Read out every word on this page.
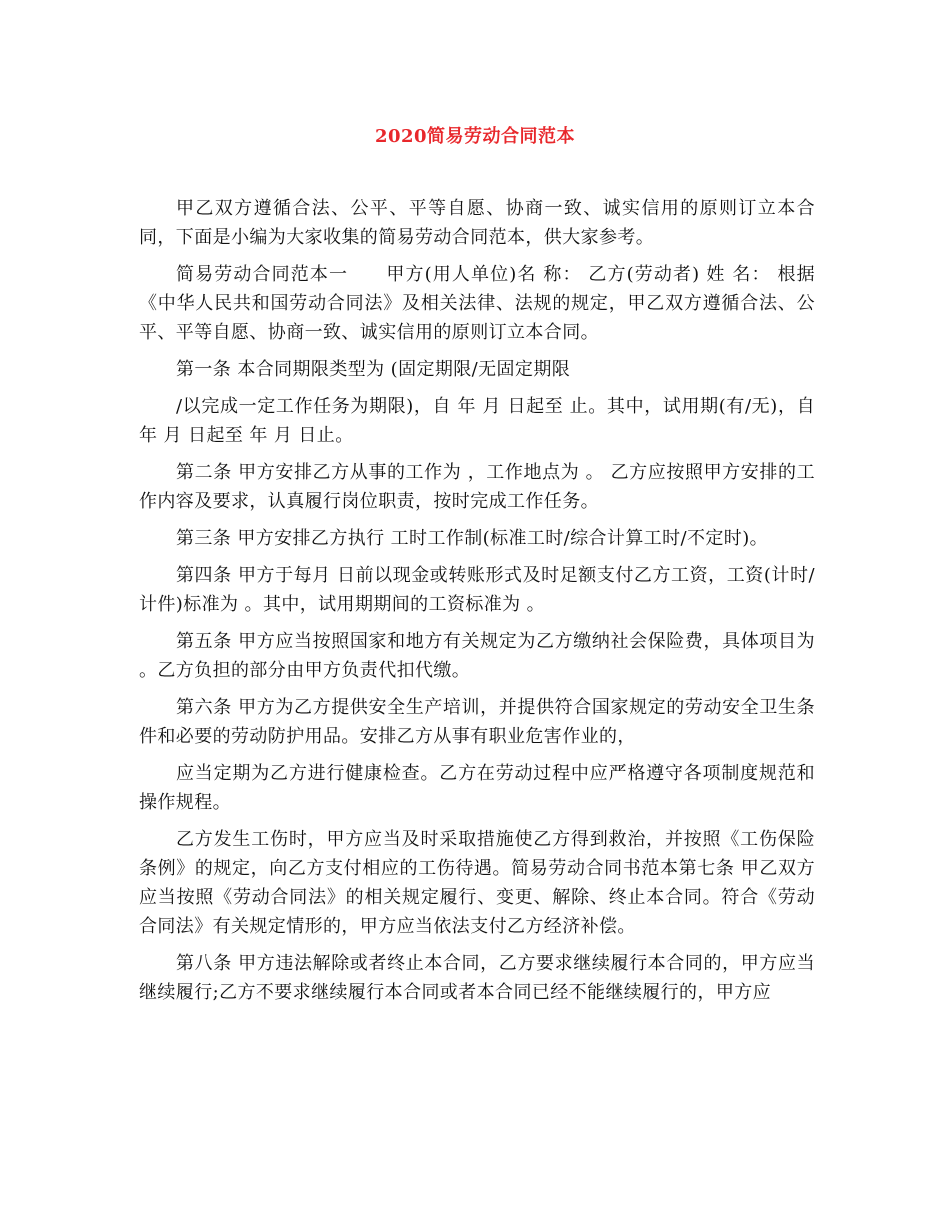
2020简易劳动合同范本

甲乙双方遵循合法、公平、平等自愿、协商一致、诚实信用的原则订立本合同，下面是小编为大家收集的简易劳动合同范本，供大家参考。

简易劳动合同范本一　　甲方(用人单位)名 称： 乙方(劳动者) 姓 名： 根据《中华人民共和国劳动合同法》及相关法律、法规的规定，甲乙双方遵循合法、公平、平等自愿、协商一致、诚实信用的原则订立本合同。

第一条 本合同期限类型为 (固定期限/无固定期限

/以完成一定工作任务为期限)，自 年 月 日起至 止。其中，试用期(有/无)，自 年 月 日起至 年 月 日止。

第二条 甲方安排乙方从事的工作为 ，工作地点为 。 乙方应按照甲方安排的工作内容及要求，认真履行岗位职责，按时完成工作任务。

第三条 甲方安排乙方执行 工时工作制(标准工时/综合计算工时/不定时)。

第四条 甲方于每月 日前以现金或转账形式及时足额支付乙方工资，工资(计时/计件)标准为 。其中，试用期期间的工资标准为 。

第五条 甲方应当按照国家和地方有关规定为乙方缴纳社会保险费，具体项目为 。乙方负担的部分由甲方负责代扣代缴。

第六条 甲方为乙方提供安全生产培训，并提供符合国家规定的劳动安全卫生条件和必要的劳动防护用品。安排乙方从事有职业危害作业的，

应当定期为乙方进行健康检查。乙方在劳动过程中应严格遵守各项制度规范和操作规程。

乙方发生工伤时，甲方应当及时采取措施使乙方得到救治，并按照《工伤保险条例》的规定，向乙方支付相应的工伤待遇。简易劳动合同书范本第七条 甲乙双方应当按照《劳动合同法》的相关规定履行、变更、解除、终止本合同。符合《劳动合同法》有关规定情形的，甲方应当依法支付乙方经济补偿。

第八条 甲方违法解除或者终止本合同，乙方要求继续履行本合同的，甲方应当继续履行;乙方不要求继续履行本合同或者本合同已经不能继续履行的，甲方应
